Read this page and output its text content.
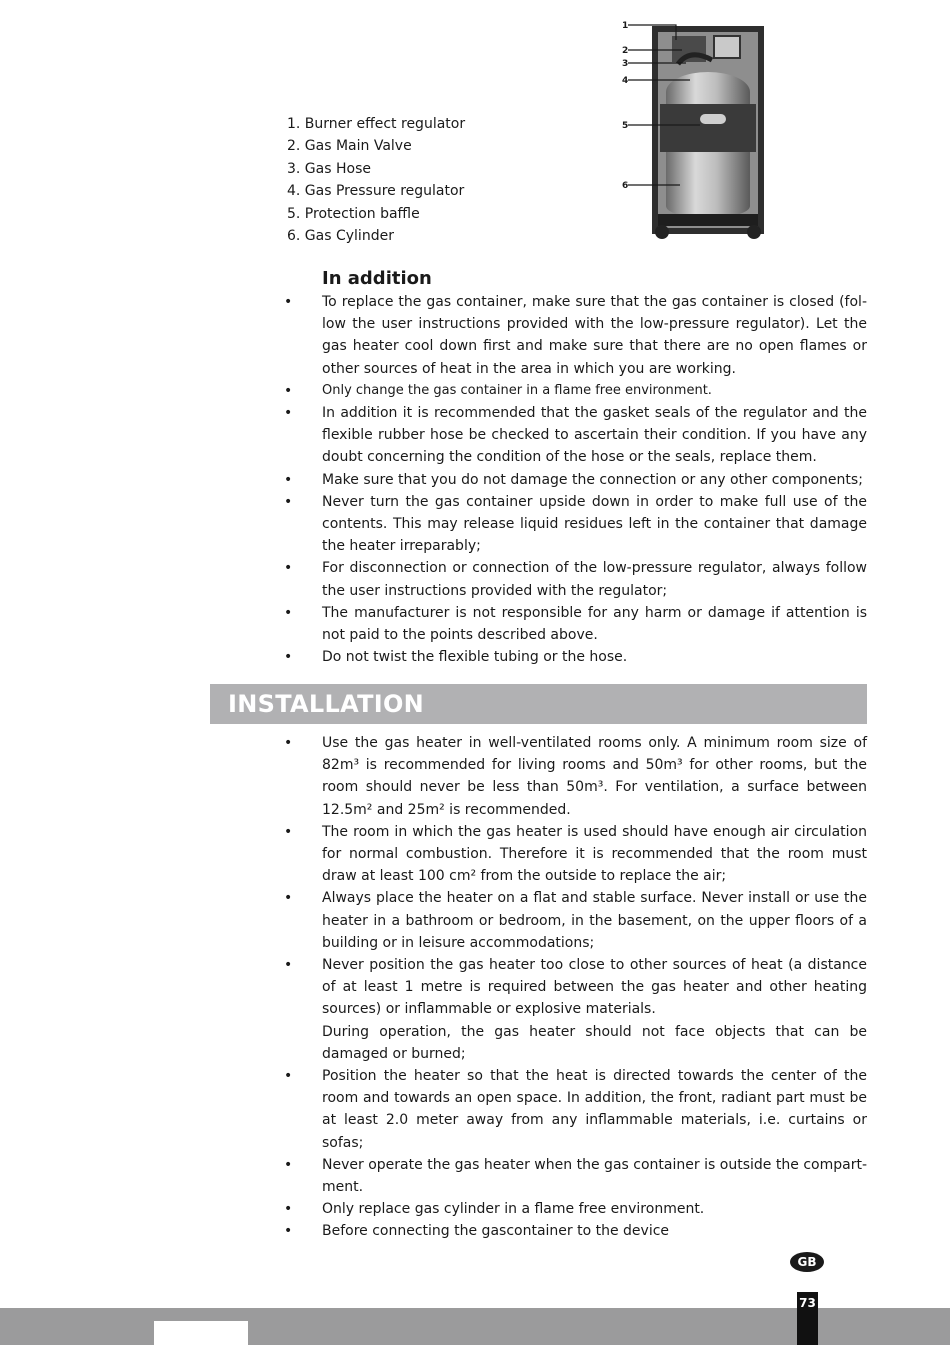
1. Burner effect regulator
2. Gas Main Valve
3. Gas Hose
4. Gas Pressure regulator
5. Protection baffle
6. Gas Cylinder
1
2
3
4
5
6
In addition
• To replace the gas container, make sure that the gas container is closed (fol-low the user instructions provided with the low-pressure regulator). Let the gas heater cool down first and make sure that there are no open flames or other sources of heat in the area in which you are working.
• Only change the gas container in a flame free environment.
• In addition it is recommended that the gasket seals of the regulator and the flexible rubber hose be checked to ascertain their condition. If you have any doubt concerning the condition of the hose or the seals, replace them.
• Make sure that you do not damage the connection or any other components;
• Never turn the gas container upside down in order to make full use of the contents. This may release liquid residues left in the container that damage the heater irreparably;
• For disconnection or connection of the low-pressure regulator, always follow the user instructions provided with the regulator;
• The manufacturer is not responsible for any harm or damage if attention is not paid to the points described above.
• Do not twist the flexible tubing or the hose.
INSTALLATION
• Use the gas heater in well-ventilated rooms only. A minimum room size of 82m³ is recommended for living rooms and 50m³ for other rooms, but the room should never be less than 50m³. For ventilation, a surface between 12.5m² and 25m² is recommended.
• The room in which the gas heater is used should have enough air circulation for normal combustion. Therefore it is recommended that the room must draw at least 100 cm² from the outside to replace the air;
• Always place the heater on a flat and stable surface. Never install or use the heater in a bathroom or bedroom, in the basement, on the upper floors of a building or in leisure accommodations;
• Never position the gas heater too close to other sources of heat (a distance of at least 1 metre is required between the gas heater and other heating sources) or inflammable or explosive materials.
During operation, the gas heater should not face objects that can be damaged or burned;
• Position the heater so that the heat is directed towards the center of the room and towards an open space. In addition, the front, radiant part must be at least 2.0 meter away from any inflammable materials, i.e. curtains or sofas;
• Never operate the gas heater when the gas container is outside the compart-ment.
• Only replace gas cylinder in a flame free environment.
• Before connecting the gascontainer to the device
GB
73
